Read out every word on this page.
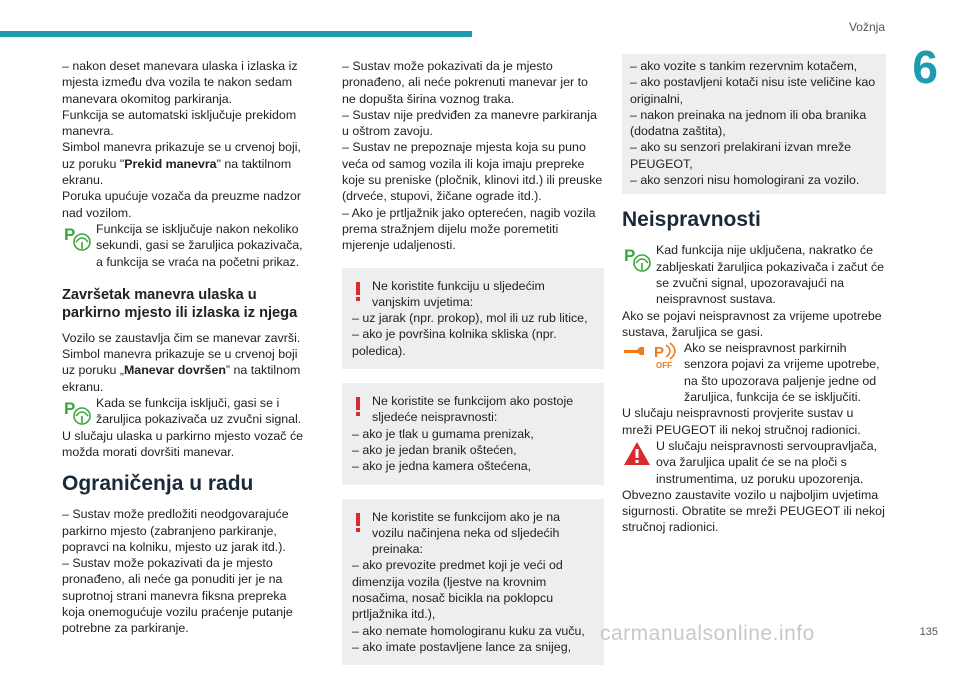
Vožnja
6

– nakon deset manevara ulaska i izlaska iz mjesta između dva vozila te nakon sedam manevara okomitog parkiranja.

Funkcija se automatski isključuje prekidom manevra.

Simbol manevra prikazuje se u crvenoj boji, uz poruku "Prekid manevra" na taktilnom ekranu.

Poruka upućuje vozača da preuzme nadzor nad vozilom.

P Funkcija se isključuje nakon nekoliko sekundi, gasi se žaruljica pokazivača, a funkcija se vraća na početni prikaz.
Završetak manevra ulaska u parkirno mjesto ili izlaska iz njega

Vozilo se zaustavlja čim se manevar završi.

Simbol manevra prikazuje se u crvenoj boji uz poruku „Manevar dovršen” na taktilnom ekranu.

P Kada se funkcija isključi, gasi se i žaruljica pokazivača uz zvučni signal.

U slučaju ulaska u parkirno mjesto vozač će možda morati dovršiti manevar.

Ograničenja u radu

– Sustav može predložiti neodgovarajuće parkirno mjesto (zabranjeno parkiranje, popravci na kolniku, mjesto uz jarak itd.).

– Sustav može pokazivati da je mjesto pronađeno, ali neće ga ponuditi jer je na suprotnoj strani manevra fiksna prepreka koja onemogućuje vozilu praćenje putanje potrebne za parkiranje.

– Sustav može pokazivati da je mjesto pronađeno, ali neće pokrenuti manevar jer to ne dopušta širina voznog traka.

– Sustav nije predviđen za manevre parkiranja u oštrom zavoju.

– Sustav ne prepoznaje mjesta koja su puno veća od samog vozila ili koja imaju prepreke koje su preniske (pločnik, klinovi itd.) ili preuske (drveće, stupovi, žičane ograde itd.).

– Ako je prtljažnik jako opterećen, nagib vozila prema stražnjem dijelu može poremetiti mjerenje udaljenosti.

Ne koristite funkciju u sljedećim vanjskim uvjetima:

– uz jarak (npr. prokop), mol ili uz rub litice,

– ako je površina kolnika skliska (npr. poledica).

Ne koristite se funkcijom ako postoje sljedeće neispravnosti:

– ako je tlak u gumama prenizak,

– ako je jedan branik oštećen,

– ako je jedna kamera oštećena,

Ne koristite se funkcijom ako je na vozilu načinjena neka od sljedećih preinaka:

– ako prevozite predmet koji je veći od dimenzija vozila (ljestve na krovnim nosačima, nosač bicikla na poklopcu prtljažnika itd.),

– ako nemate homologiranu kuku za vuču,

– ako imate postavljene lance za snijeg,

– ako vozite s tankim rezervnim kotačem,

– ako postavljeni kotači nisu iste veličine kao originalni,

– nakon preinaka na jednom ili oba branika (dodatna zaštita),

– ako su senzori prelakirani izvan mreže PEUGEOT,

– ako senzori nisu homologirani za vozilo.

Neispravnosti
P Kad funkcija nije uključena, nakratko će zabljeskati žaruljica pokazivača i začut će se zvučni signal, upozoravajući na neispravnost sustava.

Ako se pojavi neispravnost za vrijeme upotrebe sustava, žaruljica se gasi.

P
OFF
Ako se neispravnost parkirnih senzora pojavi za vrijeme upotrebe, na što upozorava paljenje jedne od žaruljica, funkcija će se isključiti.

U slučaju neispravnosti provjerite sustav u mreži PEUGEOT ili nekoj stručnoj radionici.

U slučaju neispravnosti servoupravljača, ova žaruljica upalit će se na ploči s instrumentima, uz poruku upozorenja.

Obvezno zaustavite vozilo u najboljim uvjetima sigurnosti. Obratite se mreži PEUGEOT ili nekoj stručnoj radionici.

135
carmanualsonline.info
